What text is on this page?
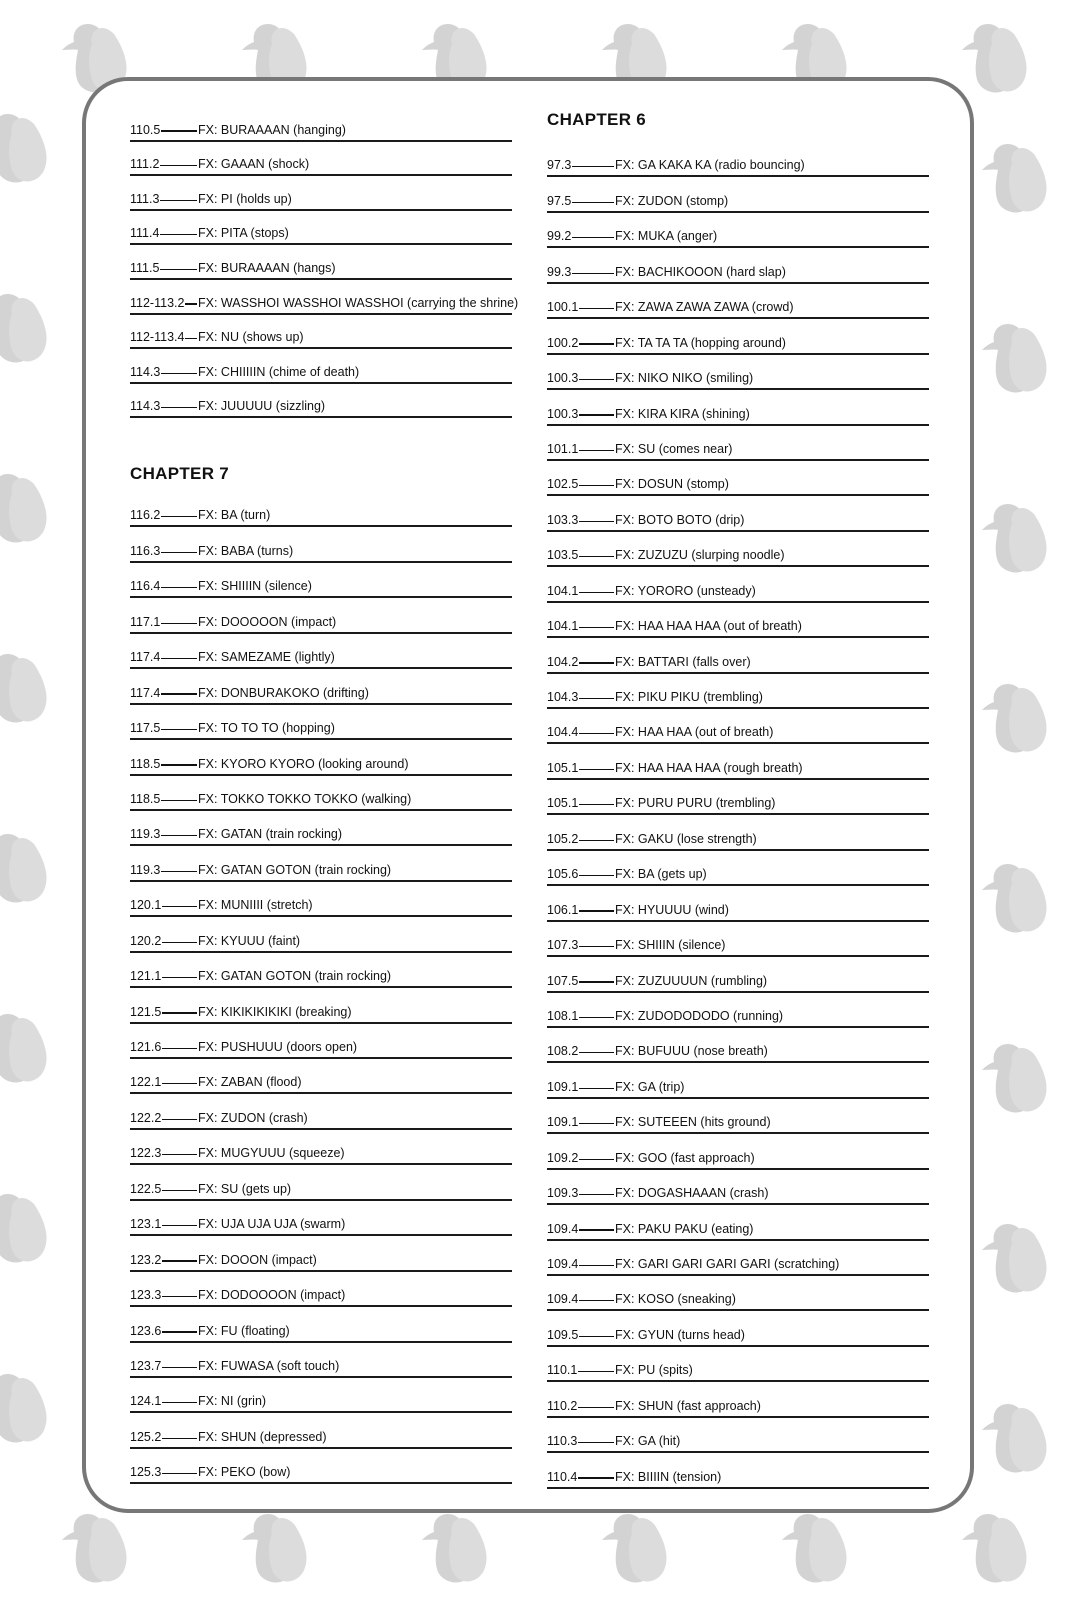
110.5	FX: BURAAAAN (hanging)
111.2	FX: GAAAN (shock)
111.3	FX: PI (holds up)
111.4	FX: PITA (stops)
111.5	FX: BURAAAAN (hangs)
112-113.2 FX: WASSHOI WASSHOI WASSHOI (carrying the shrine)
112-113.4 FX: NU (shows up)
114.3	FX: CHIIIIIN (chime of death)
114.3	FX: JUUUUU (sizzling)
CHAPTER 7
116.2	FX: BA (turn)
116.3	FX: BABA (turns)
116.4	FX: SHIIIIN (silence)
117.1	FX: DOOOOON (impact)
117.4	FX: SAMEZAME (lightly)
117.4	FX: DONBURAKOKO (drifting)
117.5	FX: TO TO TO (hopping)
118.5	FX: KYORO KYORO (looking around)
118.5	FX: TOKKO TOKKO TOKKO (walking)
119.3	FX: GATAN (train rocking)
119.3	FX: GATAN GOTON (train rocking)
120.1	FX: MUNIIII (stretch)
120.2	FX: KYUUU (faint)
121.1	FX: GATAN GOTON (train rocking)
121.5	FX: KIKIKIKIKIKI (breaking)
121.6	FX: PUSHUUU (doors open)
122.1	FX: ZABAN (flood)
122.2	FX: ZUDON (crash)
122.3	FX: MUGYUUU (squeeze)
122.5	FX: SU (gets up)
123.1	FX: UJA UJA UJA (swarm)
123.2	FX: DOOON (impact)
123.3	FX: DODOOOON (impact)
123.6	FX: FU (floating)
123.7	FX: FUWASA (soft touch)
124.1	FX: NI (grin)
125.2	FX: SHUN (depressed)
125.3	FX: PEKO (bow)
CHAPTER 6
97.3	FX: GA KAKA KA (radio bouncing)
97.5	FX: ZUDON (stomp)
99.2	FX: MUKA (anger)
99.3	FX: BACHIKOOON (hard slap)
100.1	FX: ZAWA ZAWA ZAWA (crowd)
100.2	FX: TA TA TA (hopping around)
100.3	FX: NIKO NIKO (smiling)
100.3	FX: KIRA KIRA (shining)
101.1	FX: SU (comes near)
102.5	FX: DOSUN (stomp)
103.3	FX: BOTO BOTO (drip)
103.5	FX: ZUZUZU (slurping noodle)
104.1	FX: YORORO (unsteady)
104.1	FX: HAA HAA HAA (out of breath)
104.2	FX: BATTARI (falls over)
104.3	FX: PIKU PIKU (trembling)
104.4	FX: HAA HAA (out of breath)
105.1	FX: HAA HAA HAA (rough breath)
105.1	FX: PURU PURU (trembling)
105.2	FX: GAKU (lose strength)
105.6	FX: BA (gets up)
106.1	FX: HYUUUU (wind)
107.3	FX: SHIIIN (silence)
107.5	FX: ZUZUUUUN (rumbling)
108.1	FX: ZUDODODODO (running)
108.2	FX: BUFUUU (nose breath)
109.1	FX: GA (trip)
109.1	FX: SUTEEEN (hits ground)
109.2	FX: GOO (fast approach)
109.3	FX: DOGASHAAAN (crash)
109.4	FX: PAKU PAKU (eating)
109.4	FX: GARI GARI GARI GARI (scratching)
109.4	FX: KOSO (sneaking)
109.5	FX: GYUN (turns head)
110.1	FX: PU (spits)
110.2	FX: SHUN (fast approach)
110.3	FX: GA (hit)
110.4	FX: BIIIIN (tension)
